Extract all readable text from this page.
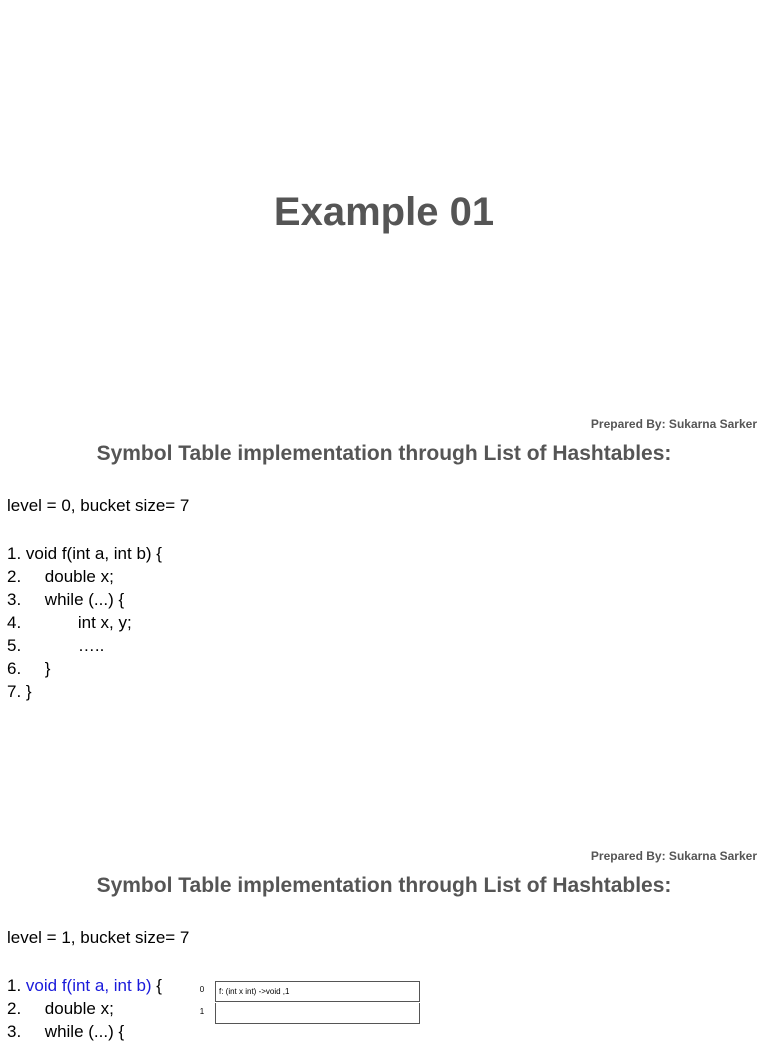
Example 01
Prepared By: Sukarna Sarker
Symbol Table implementation through List of Hashtables:
level = 0, bucket size= 7
1. void f(int a, int b) {
2.     double x;
3.     while (...) {
4.            int x, y;
5.            …..
6.     }
7. }
Prepared By: Sukarna Sarker
Symbol Table implementation through List of Hashtables:
level = 1, bucket size= 7
1. void f(int a, int b) {
2.     double x;
3.     while (...) {
0	f: (int x int) ->void ,1
1
